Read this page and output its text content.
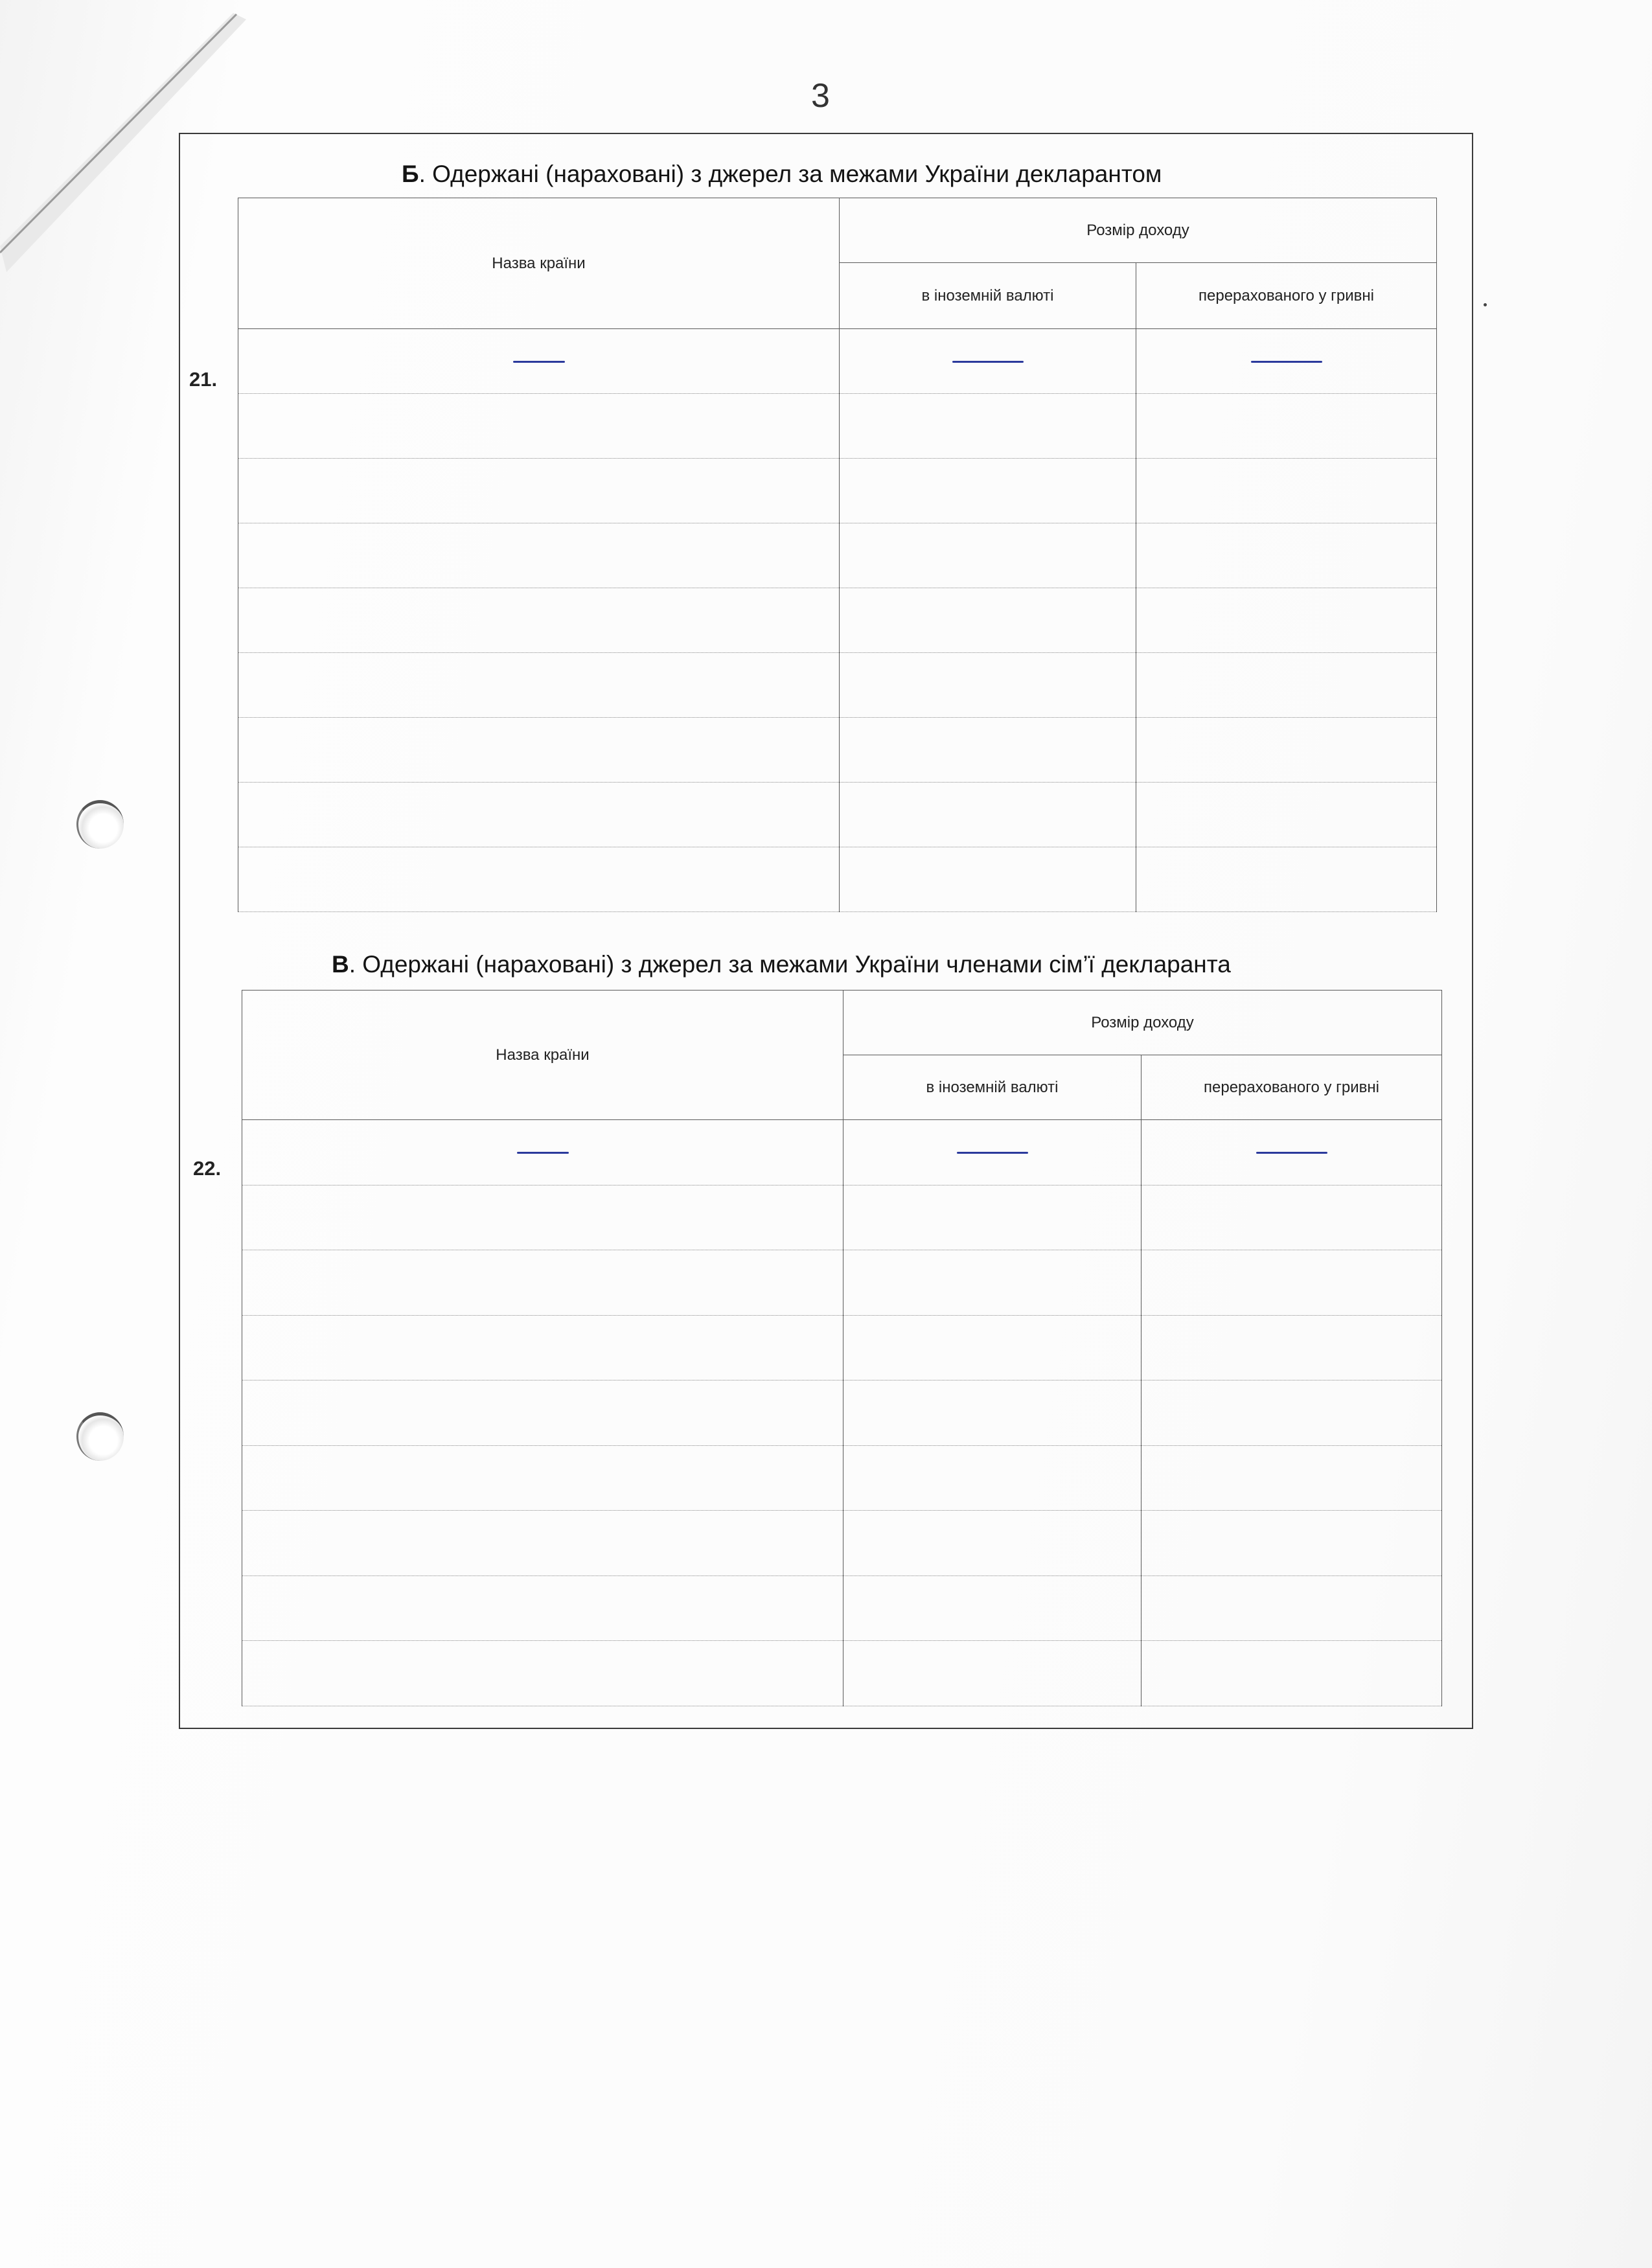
3
Б. Одержані (нараховані) з джерел за межами України декларантом
21.
Назва країни	Розмір доходу	
	в іноземній валюті	перерахованого у гривні

В. Одержані (нараховані) з джерел за межами України членами сім’ї декларанта
22.
Назва країни	Розмір доходу	
	в іноземній валюті	перерахованого у гривні
